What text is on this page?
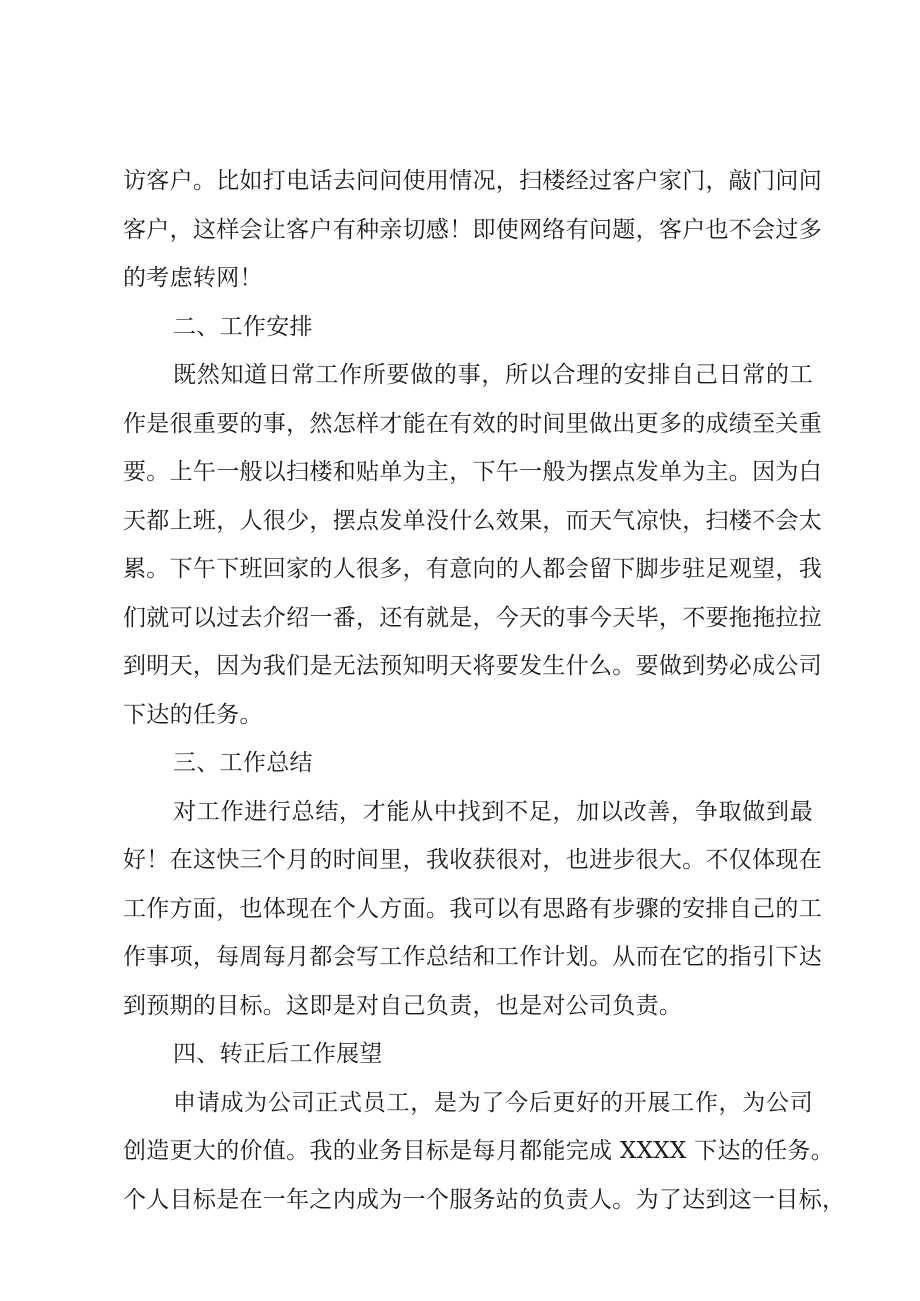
访客户。比如打电话去问问使用情况，扫楼经过客户家门，敲门问问
客户，这样会让客户有种亲切感！即使网络有问题，客户也不会过多
的考虑转网！
二、工作安排
既然知道日常工作所要做的事，所以合理的安排自己日常的工
作是很重要的事，然怎样才能在有效的时间里做出更多的成绩至关重
要。上午一般以扫楼和贴单为主，下午一般为摆点发单为主。因为白
天都上班，人很少，摆点发单没什么效果，而天气凉快，扫楼不会太
累。下午下班回家的人很多，有意向的人都会留下脚步驻足观望，我
们就可以过去介绍一番，还有就是，今天的事今天毕，不要拖拖拉拉
到明天，因为我们是无法预知明天将要发生什么。要做到势必成公司
下达的任务。
三、工作总结
对工作进行总结，才能从中找到不足，加以改善，争取做到最
好！在这快三个月的时间里，我收获很对，也进步很大。不仅体现在
工作方面，也体现在个人方面。我可以有思路有步骤的安排自己的工
作事项，每周每月都会写工作总结和工作计划。从而在它的指引下达
到预期的目标。这即是对自己负责，也是对公司负责。
四、转正后工作展望
申请成为公司正式员工，是为了今后更好的开展工作，为公司
创造更大的价值。我的业务目标是每月都能完成 XXXX 下达的任务。
个人目标是在一年之内成为一个服务站的负责人。为了达到这一目标，
